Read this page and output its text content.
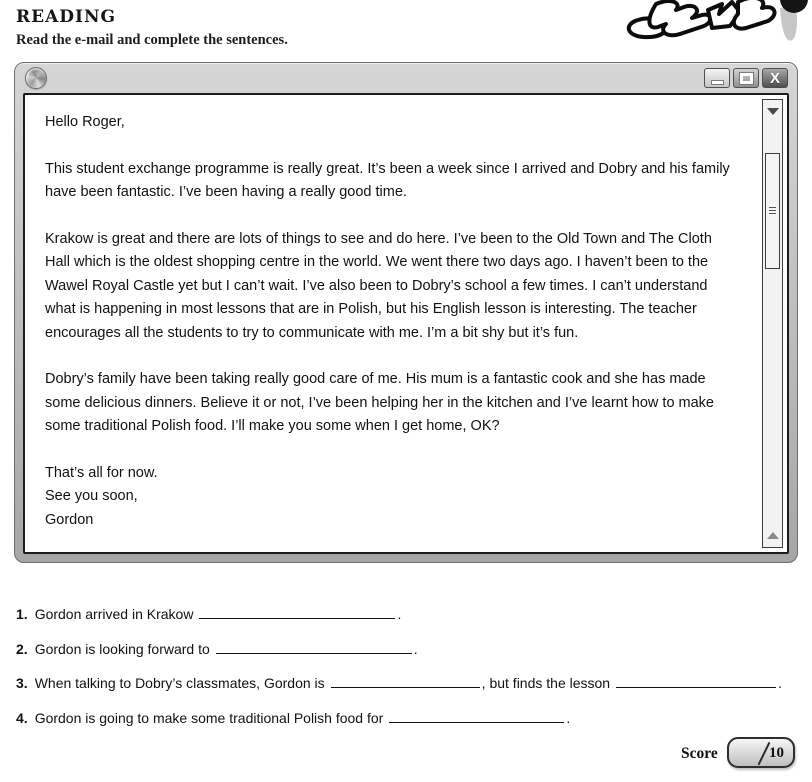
READING
Read the e-mail and complete the sentences.
X

Hello Roger,

This student exchange programme is really great. It’s been a week since I arrived and Dobry and his family have been fantastic. I’ve been having a really good time.

Krakow is great and there are lots of things to see and do here. I’ve been to the Old Town and The Cloth Hall which is the oldest shopping centre in the world. We went there two days ago. I haven’t been to the Wawel Royal Castle yet but I can’t wait. I’ve also been to Dobry’s school a few times. I can’t understand what is happening in most lessons that are in Polish, but his English lesson is interesting. The teacher encourages all the students to try to communicate with me. I’m a bit shy but it’s fun.

Dobry’s family have been taking really good care of me. His mum is a fantastic cook and she has made some delicious dinners. Believe it or not, I’ve been helping her in the kitchen and I’ve learnt how to make some traditional Polish food. I’ll make you some when I get home, OK?

That’s all for now.

See you soon,

Gordon

1. Gordon arrived in Krakow	.
2. Gordon is looking forward to	.
3. When talking to Dobry’s classmates, Gordon is	, but finds the lesson	.
4. Gordon is going to make some traditional Polish food for	.
Score	10
